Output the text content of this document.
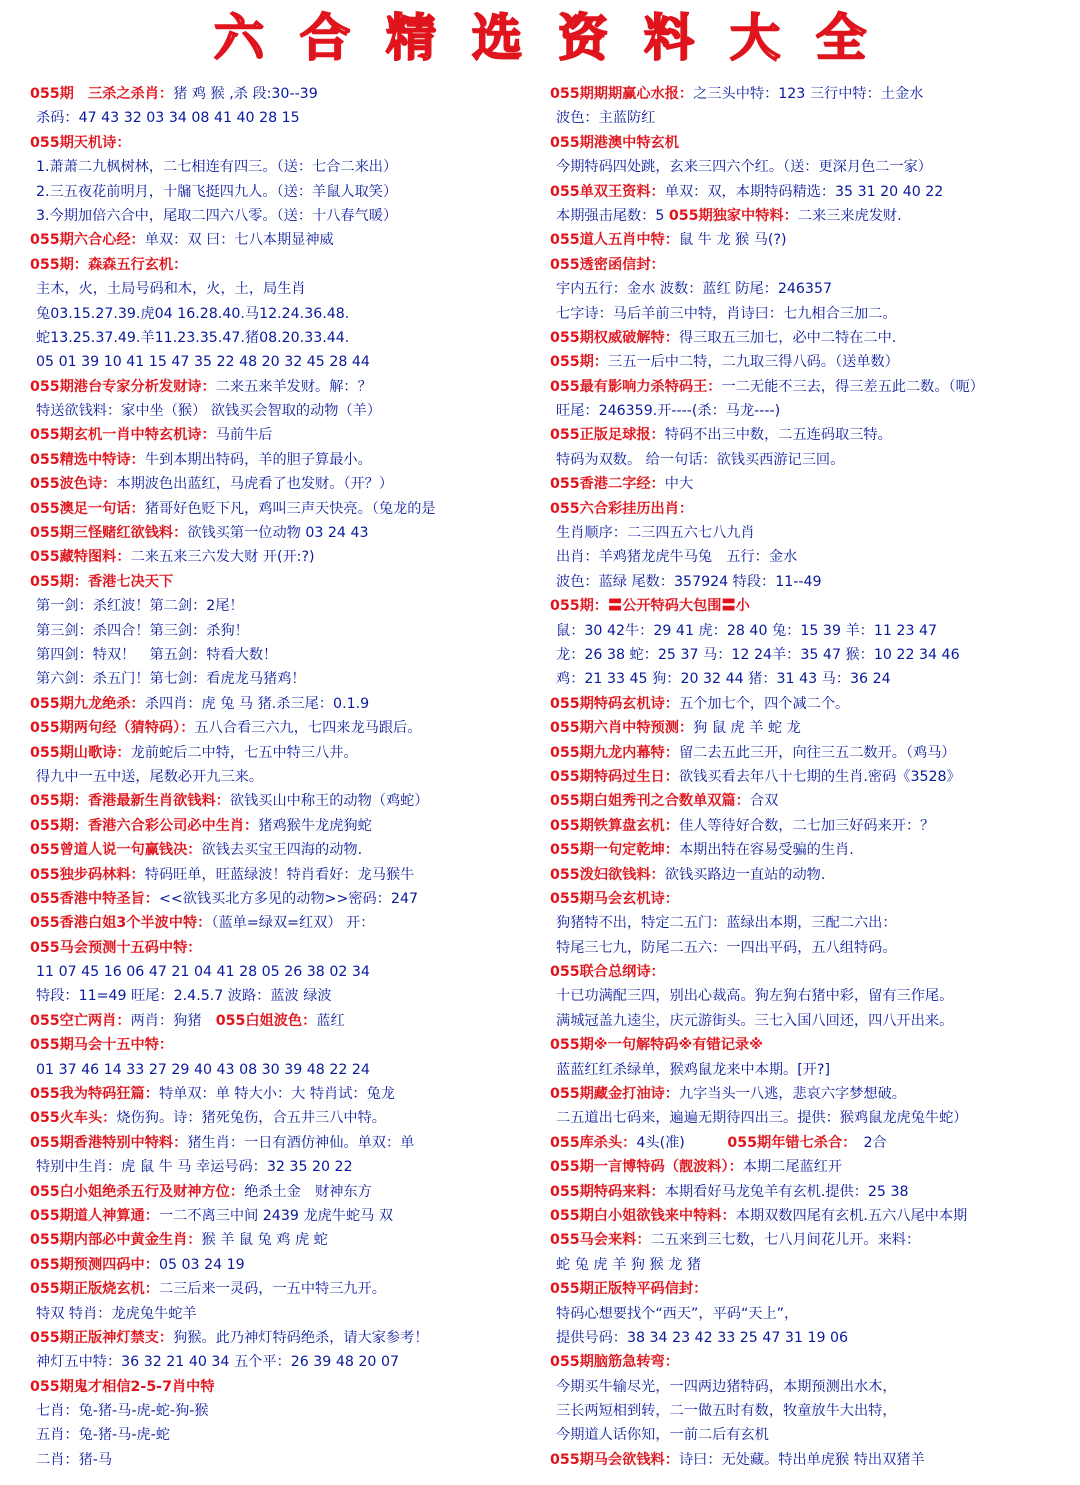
六 合 精 选 资 料 大 全
055期　三杀之杀肖：猪 鸡 猴 ,杀 段:30--39
杀码：47 43 32 03 34 08 41 40 28 15
055期天机诗：
1.萧萧二九枫树林，二七相连有四三。（送：七合二来出）
2.三五夜花前明月，十牖飞挺四九人。（送：羊鼠人取笑）
3.今期加倍六合中，尾取二四六八零。（送：十八春气暖）
055期六合心经：单双：双 曰：七八本期显神威
055期：森森五行玄机：
主木，火，土局号码和木，火，土，局生肖
兔03.15.27.39.虎04 16.28.40.马12.24.36.48.
蛇13.25.37.49.羊11.23.35.47.猪08.20.33.44.
05 01 39 10 41 15 47 35 22 48 20 32 45 28 44
055期港台专家分析发财诗：二来五来羊发财。解：？
特送欲钱料：家中坐（猴） 欲钱买会智取的动物（羊）
055期玄机一肖中特玄机诗：马前牛后
055精选中特诗：牛到本期出特码，羊的胆子算最小。
055波色诗：本期波色出蓝红，马虎看了也发财。（开？）
055澳足一句话：猪哥好色贬下凡，鸡叫三声天快亮。（兔龙的是
055期三怪赌红欲钱料：欲钱买第一位动物 03 24 43
055藏特图料：二来五来三六发大财 开(开:?)
055期：香港七决天下
第一剑：杀红波！第二剑：2尾！
第三剑：杀四合！第三剑：杀狗！
第四剑：特双！　第五剑：特看大数！
第六剑：杀五门！第七剑：看虎龙马猪鸡！
055期九龙绝杀：杀四肖：虎 兔 马 猪.杀三尾：0.1.9
055期两句经（猜特码）：五八合看三六九，七四来龙马跟后。
055期山歌诗：龙前蛇后二中特，七五中特三八井。
得九中一五中送，尾数必开九三来。
055期：香港最新生肖欲钱料：欲钱买山中称王的动物（鸡蛇）
055期：香港六合彩公司必中生肖：猪鸡猴牛龙虎狗蛇
055曾道人说一句赢钱决：欲钱去买宝王四海的动物.
055独步码林料：特码旺单，旺蓝绿波！特肖看好：龙马猴牛
055香港中特圣旨：<<欲钱买北方多见的动物>>密码：247
055香港白姐3个半波中特：（蓝单=绿双=红双） 开：
055马会预测十五码中特：
11 07 45 16 06 47 21 04 41 28 05 26 38 02 34
特段：11=49 旺尾：2.4.5.7 波路：蓝波 绿波
055空亡两肖：两肖：狗猪　055白姐波色：蓝红
055期马会十五中特：
01 37 46 14 33 27 29 40 43 08 30 39 48 22 24
055我为特码狂篇：特单双：单 特大小：大 特肖试：兔龙
055火车头：烧伤狗。诗：猪死兔伤，合五井三八中特。
055期香港特别中特料：猪生肖：一日有酒仿神仙。单双：单
特别中生肖：虎 鼠 牛 马 幸运号码：32 35 20 22
055白小姐绝杀五行及财神方位：绝杀土金　财神东方
055期道人神算通：一二不离三中间 2439 龙虎牛蛇马 双
055期内部必中黄金生肖：猴 羊 鼠 兔 鸡 虎 蛇
055期预测四码中：05 03 24 19
055期正版烧玄机：二三后来一灵码，一五中特三九开。
特双 特肖：龙虎兔牛蛇羊
055期正版神灯禁支：狗猴。此乃神灯特码绝杀，请大家参考！
神灯五中特：36 32 21 40 34 五个平：26 39 48 20 07
055期鬼才相信2-5-7肖中特
七肖：兔-猪-马-虎-蛇-狗-猴
五肖：兔-猪-马-虎-蛇
二肖：猪-马
055期期期赢心水报：之三头中特：123 三行中特：土金水
波色：主蓝防红
055期港澳中特玄机
今期特码四处跳，玄来三四六个红。（送：更深月色二一家）
055单双王资料：单双：双，本期特码精选：35 31 20 40 22
本期强击尾数：5 055期独家中特料：二来三来虎发财.
055道人五肖中特：鼠 牛 龙 猴 马(?)
055透密函信封：
宇内五行：金水 波数：蓝红 防尾：246357
七字诗：马后羊前三中特，肖诗曰：七九相合三加二。
055期权威破解特：得三取五三加七，必中二特在二中.
055期：三五一后中二特，二九取三得八码。（送单数）
055最有影响力杀特码王：一二无能不三去，得三差五此二数。（呃）
旺尾：246359.开----(杀：马龙----)
055正版足球报：特码不出三中数，二五连码取三特。
特码为双数。 给一句话：欲钱买西游记三回。
055香港二字经：中大
055六合彩挂历出肖：
生肖顺序：二三四五六七八九肖
出肖：羊鸡猪龙虎牛马兔　五行：金水
波色：蓝绿 尾数：357924 特段：11--49
055期：〓公开特码大包围〓小
鼠：30 42牛：29 41 虎：28 40 兔：15 39 羊：11 23 47
龙：26 38 蛇：25 37 马：12 24羊：35 47 猴：10 22 34 46
鸡：21 33 45 狗：20 32 44 猪：31 43 马：36 24
055期特码玄机诗：五个加七个，四个减二个。
055期六肖中特预测：狗 鼠 虎 羊 蛇 龙
055期九龙内幕特：留二去五此三开，向往三五二数开。（鸡马）
055期特码过生日：欲钱买看去年八十七期的生肖.密码《3528》
055期白姐秀刊之合数单双篇：合双
055期铁算盘玄机：佳人等待好合数，二七加三好码来开：？
055期一句定乾坤：本期出特在容易受骗的生肖.
055泼妇欲钱料：欲钱买路边一直站的动物.
055期马会玄机诗：
狗猪特不出，特定二五门：蓝绿出本期，三配二六出：
特尾三七九，防尾二五六：一四出平码，五八组特码。
055联合总纲诗：
十已功满配三四，别出心裁高。狗左狗右猪中彩，留有三作尾。
满城冠盖九逵尘，庆元游街头。三七入国八回还，四八开出来。
055期※一句解特码※有错记录※
蓝蓝红红杀绿单，猴鸡鼠龙来中本期。[开?]
055期藏金打油诗：九字当头一八逃，悲哀六字梦想破。
二五道出七码来，遍遍无期待四出三。提供：猴鸡鼠龙虎兔牛蛇）
055库杀头：4头(准)　　　055期年错七杀合：　2合
055期一言博特码（靓波料）：本期二尾蓝红开
055期特码来料：本期看好马龙兔羊有玄机.提供：25 38
055期白小姐欲钱来中特料：本期双数四尾有玄机.五六八尾中本期
055马会来料：二五来到三七数，七八月间花儿开。来料：
蛇 兔 虎 羊 狗 猴 龙 猪
055期正版特平码信封：
特码心想要找个“西天”，平码“天上”，
提供号码：38 34 23 42 33 25 47 31 19 06
055期脑筋急转弯：
今期买牛输尽光，一四两边猪特码，本期预测出水木，
三长两短相到转，二一做五时有数，牧童放牛大出特，
今期道人话你知，一前二后有玄机
055期马会欲钱料：诗曰：无处藏。特出单虎猴 特出双猪羊
